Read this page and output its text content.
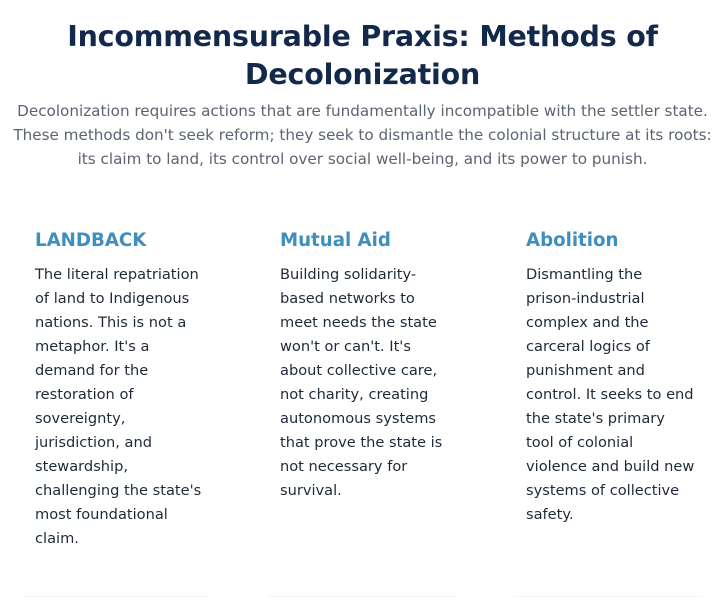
Incommensurable Praxis: Methods of Decolonization

Decolonization requires actions that are fundamentally incompatible with the settler state. These methods don't seek reform; they seek to dismantle the colonial structure at its roots: its claim to land, its control over social well-being, and its power to punish.

LANDBACK

The literal repatriation of land to Indigenous nations. This is not a metaphor. It's a demand for the restoration of sovereignty, jurisdiction, and stewardship, challenging the state's most foundational claim.

Mutual Aid

Building solidarity-based networks to meet needs the state won't or can't. It's about collective care, not charity, creating autonomous systems that prove the state is not necessary for survival.

Abolition

Dismantling the prison-industrial complex and the carceral logics of punishment and control. It seeks to end the state's primary tool of colonial violence and build new systems of collective safety.
